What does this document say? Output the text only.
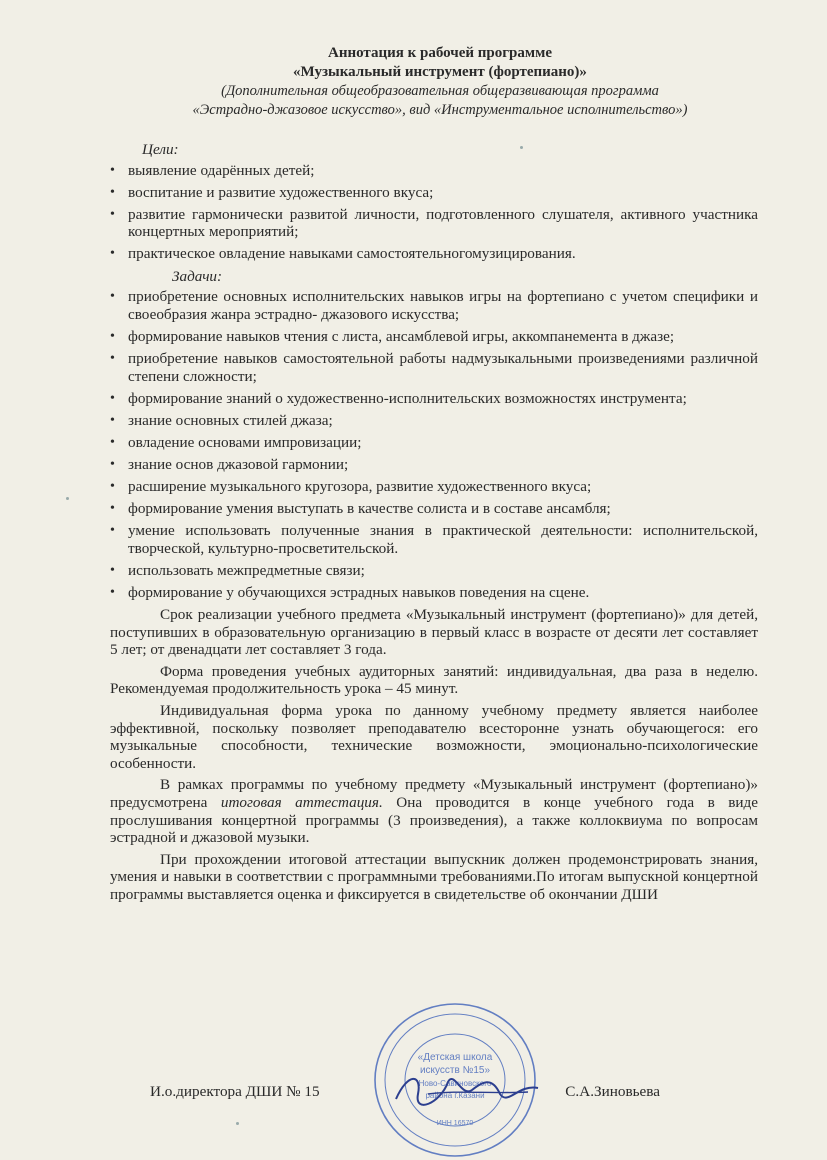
Аннотация к рабочей программе
«Музыкальный инструмент (фортепиано)»
(Дополнительная общеобразовательная общеразвивающая программа
«Эстрадно-джазовое искусство», вид «Инструментальное исполнительство»)
Цели:
• выявление одарённых детей;
• воспитание и развитие художественного вкуса;
• развитие гармонически развитой личности, подготовленного слушателя, активного участника концертных мероприятий;
• практическое овладение навыками самостоятельногомузицирования.
Задачи:
• приобретение основных исполнительских навыков игры на фортепиано с учетом специфики и своеобразия жанра эстрадно- джазового искусства;
• формирование навыков чтения с листа, ансамблевой игры, аккомпанемента в джазе;
• приобретение навыков самостоятельной работы надмузыкальными произведениями различной степени сложности;
• формирование знаний о художественно-исполнительских возможностях инструмента;
• знание основных стилей джаза;
• овладение основами импровизации;
• знание основ джазовой гармонии;
• расширение музыкального кругозора, развитие художественного вкуса;
• формирование умения выступать в качестве солиста и в составе ансамбля;
• умение использовать полученные знания в практической деятельности: исполнительской, творческой, культурно-просветительской.
• использовать межпредметные связи;
• формирование у обучающихся эстрадных навыков поведения на сцене.

Срок реализации учебного предмета «Музыкальный инструмент (фортепиано)» для детей, поступивших в образовательную организацию в первый класс в возрасте от десяти лет составляет 5 лет; от двенадцати лет составляет 3 года.

Форма проведения учебных аудиторных занятий: индивидуальная, два раза в неделю. Рекомендуемая продолжительность урока – 45 минут.

Индивидуальная форма урока по данному учебному предмету является наиболее эффективной, поскольку позволяет преподавателю всесторонне узнать обучающегося: его музыкальные способности, технические возможности, эмоционально-психологические особенности.

В рамках программы по учебному предмету «Музыкальный инструмент (фортепиано)» предусмотрена итоговая аттестация. Она проводится в конце учебного года в виде прослушивания концертной программы (3 произведения), а также коллоквиума по вопросам эстрадной и джазовой музыки.

При прохождении итоговой аттестации выпускник должен продемонстрировать знания, умения и навыки в соответствии с программными требованиями.По итогам выпускной концертной программы выставляется оценка и фиксируется в свидетельстве об окончании ДШИ

«Детская школа
искусств №15»
Ново-Савиновского
района г.Казани
ИНН 16570
И.о.директора ДШИ № 15	С.А.Зиновьева
